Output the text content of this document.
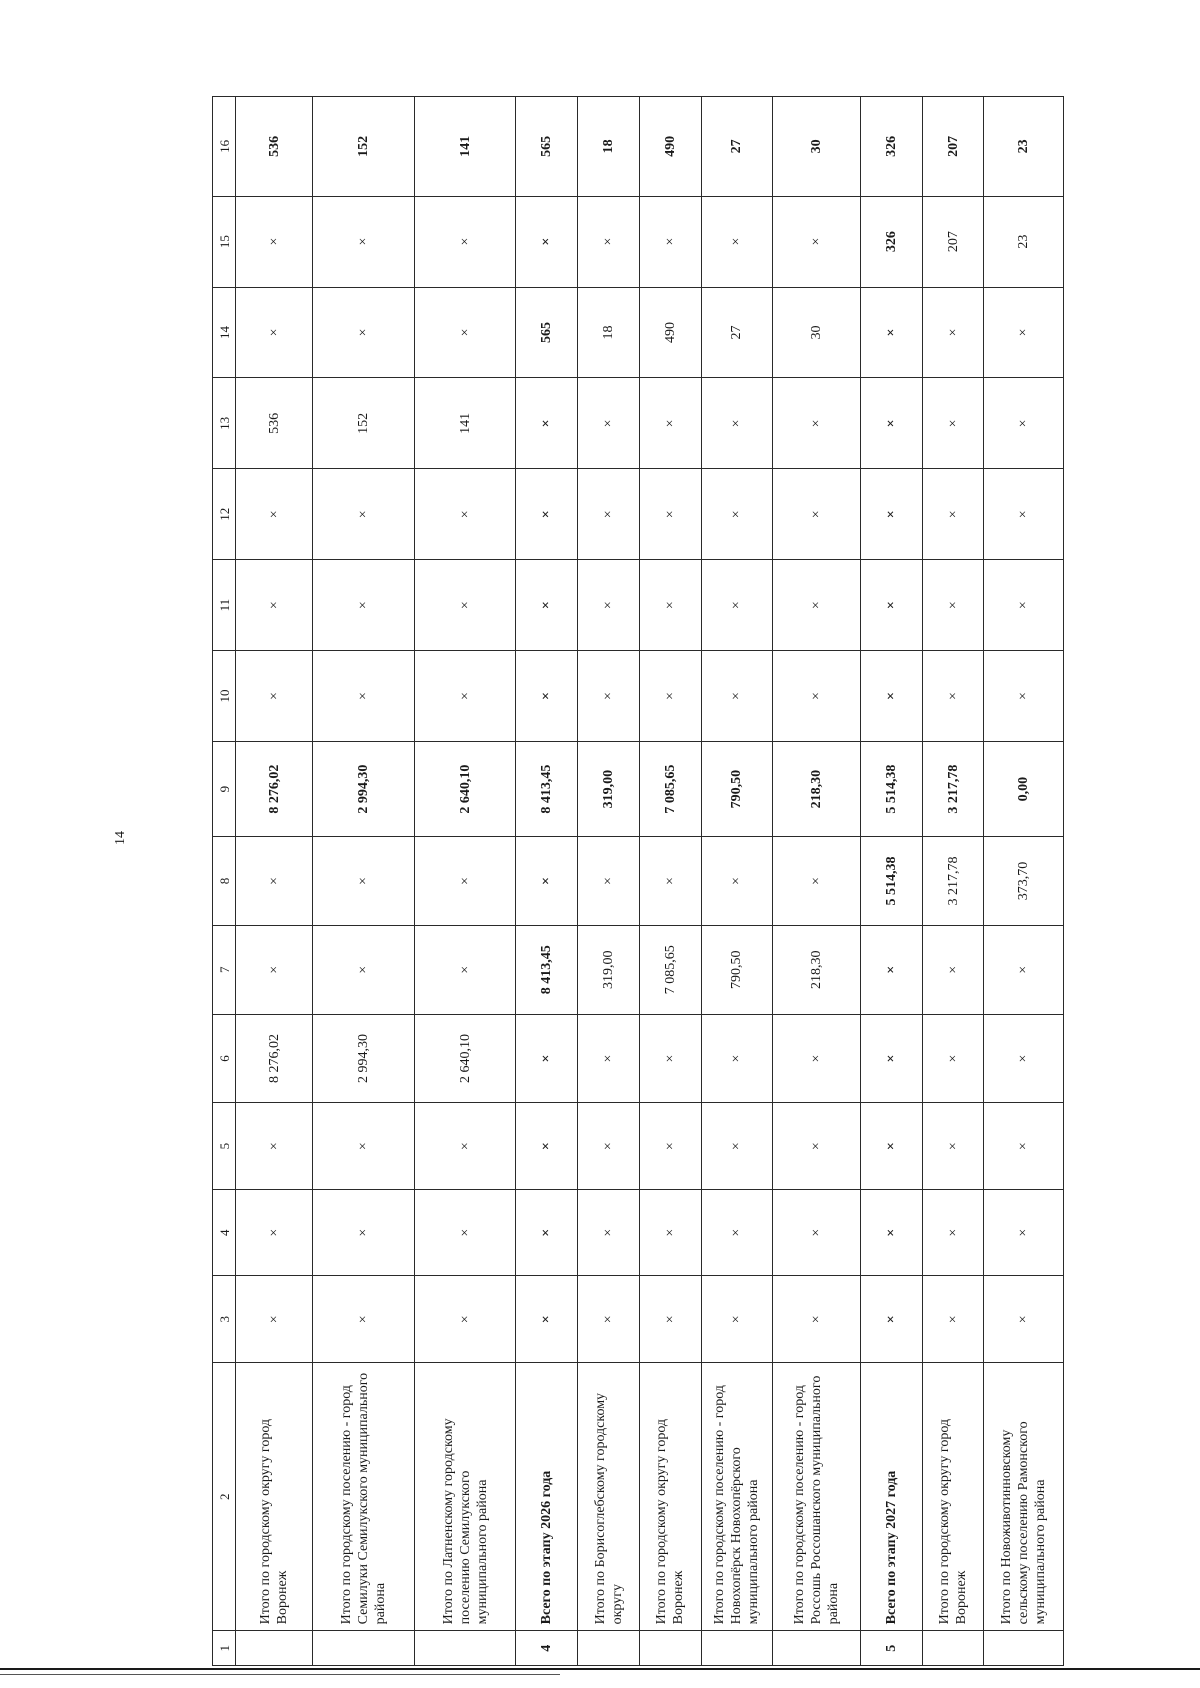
14
1	2	3	4	5	6	7	8	9	10	11	12	13	14	15	16
	Итого по городскому округу город Воронеж	×	×	×	8 276,02	×	×	8 276,02	×	×	×	536	×	×	536
	Итого по городскому поселению - город Семилуки Семилукского муниципального района	×	×	×	2 994,30	×	×	2 994,30	×	×	×	152	×	×	152
	Итого по Латненскому городскому поселению Семилукского муниципального района	×	×	×	2 640,10	×	×	2 640,10	×	×	×	141	×	×	141
4	Всего по этапу 2026 года	×	×	×	×	8 413,45	×	8 413,45	×	×	×	×	565	×	565
	Итого по Борисоглебскому городскому округу	×	×	×	×	319,00	×	319,00	×	×	×	×	18	×	18
	Итого по городскому округу город Воронеж	×	×	×	×	7 085,65	×	7 085,65	×	×	×	×	490	×	490
	Итого по городскому поселению - город Новохопёрск Новохопёрского муниципального района	×	×	×	×	790,50	×	790,50	×	×	×	×	27	×	27
	Итого по городскому поселению - город Россошь Россошанского муниципального района	×	×	×	×	218,30	×	218,30	×	×	×	×	30	×	30
5	Всего по этапу 2027 года	×	×	×	×	×	5 514,38	5 514,38	×	×	×	×	×	326	326
	Итого по городскому округу город Воронеж	×	×	×	×	×	3 217,78	3 217,78	×	×	×	×	×	207	207
	Итого по Новоживотинновскому сельскому поселению Рамонского муниципального района	×	×	×	×	×	373,70	0,00	×	×	×	×	×	23	23
